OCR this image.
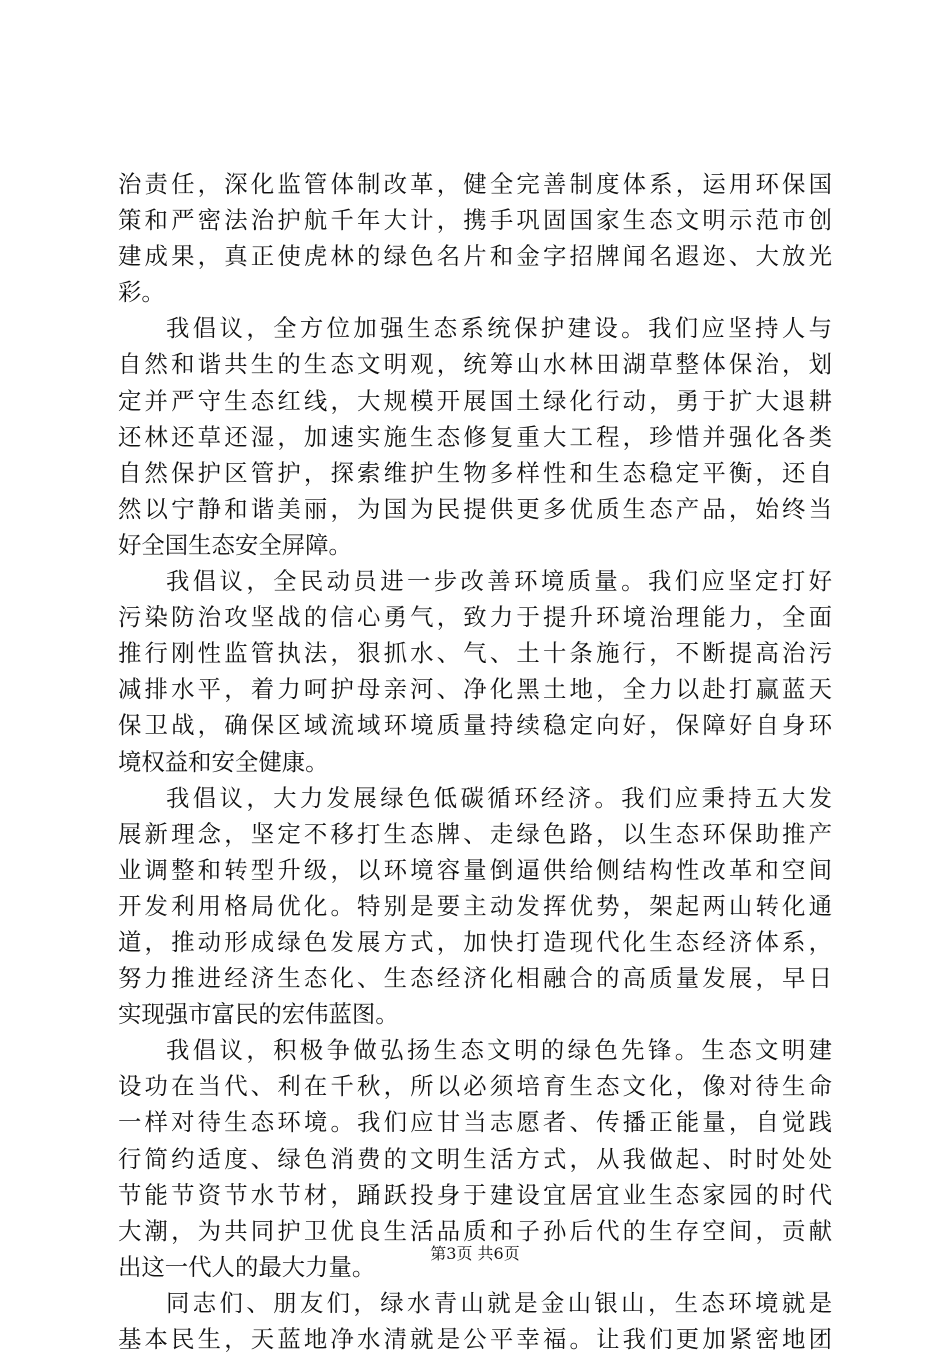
治责任，深化监管体制改革，健全完善制度体系，运用环保国
策和严密法治护航千年大计，携手巩固国家生态文明示范市创
建成果，真正使虎林的绿色名片和金字招牌闻名遐迩、大放光
彩。
我倡议，全方位加强生态系统保护建设。我们应坚持人与
自然和谐共生的生态文明观，统筹山水林田湖草整体保治，划
定并严守生态红线，大规模开展国土绿化行动，勇于扩大退耕
还林还草还湿，加速实施生态修复重大工程，珍惜并强化各类
自然保护区管护，探索维护生物多样性和生态稳定平衡，还自
然以宁静和谐美丽，为国为民提供更多优质生态产品，始终当
好全国生态安全屏障。
我倡议，全民动员进一步改善环境质量。我们应坚定打好
污染防治攻坚战的信心勇气，致力于提升环境治理能力，全面
推行刚性监管执法，狠抓水、气、土十条施行，不断提高治污
减排水平，着力呵护母亲河、净化黑土地，全力以赴打赢蓝天
保卫战，确保区域流域环境质量持续稳定向好，保障好自身环
境权益和安全健康。
我倡议，大力发展绿色低碳循环经济。我们应秉持五大发
展新理念，坚定不移打生态牌、走绿色路，以生态环保助推产
业调整和转型升级，以环境容量倒逼供给侧结构性改革和空间
开发利用格局优化。特别是要主动发挥优势，架起两山转化通
道，推动形成绿色发展方式，加快打造现代化生态经济体系，
努力推进经济生态化、生态经济化相融合的高质量发展，早日
实现强市富民的宏伟蓝图。
我倡议，积极争做弘扬生态文明的绿色先锋。生态文明建
设功在当代、利在千秋，所以必须培育生态文化，像对待生命
一样对待生态环境。我们应甘当志愿者、传播正能量，自觉践
行简约适度、绿色消费的文明生活方式，从我做起、时时处处
节能节资节水节材，踊跃投身于建设宜居宜业生态家园的时代
大潮，为共同护卫优良生活品质和子孙后代的生存空间，贡献
出这一代人的最大力量。
同志们、朋友们，绿水青山就是金山银山，生态环境就是
基本民生，天蓝地净水清就是公平幸福。让我们更加紧密地团
第3页 共6页
